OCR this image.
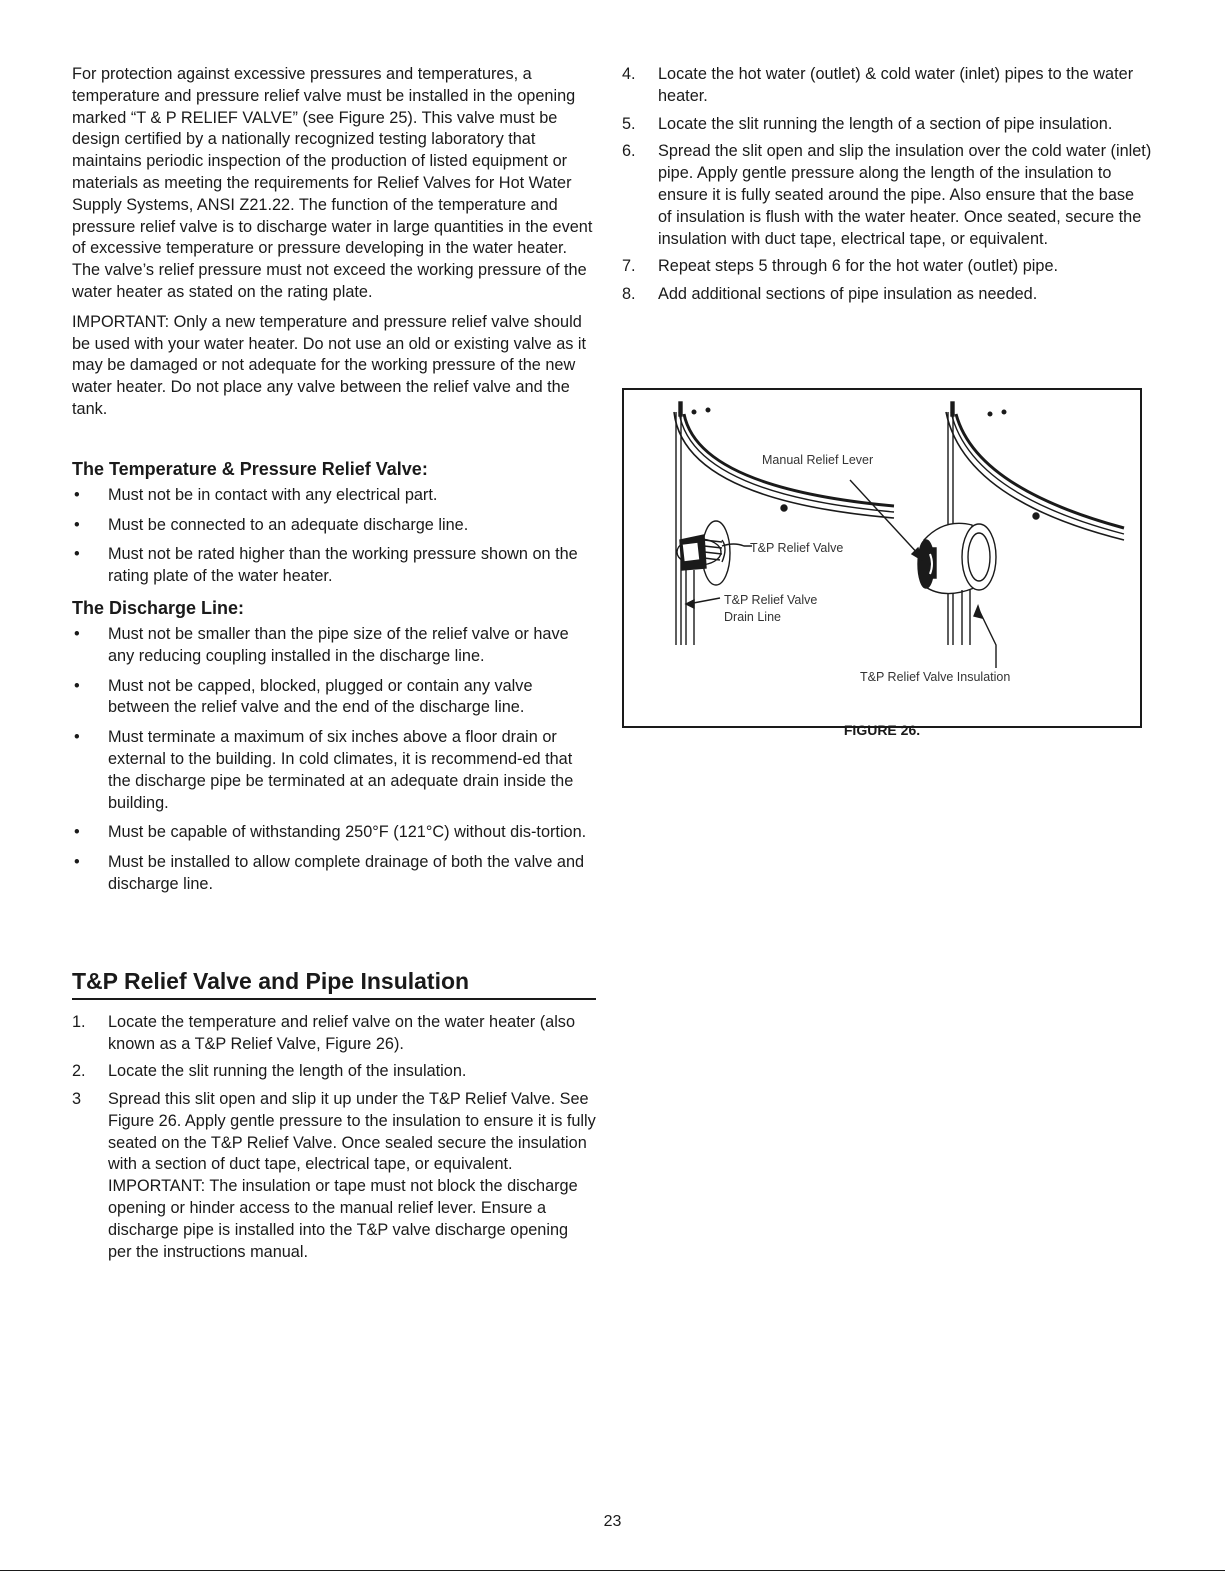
For protection against excessive pressures and temperatures, a temperature and pressure relief valve must be installed in the opening marked “T & P RELIEF VALVE” (see Figure 25). This valve must be design certified by a nationally recognized testing laboratory that maintains periodic inspection of the production of listed equipment or materials as meeting the requirements for Relief Valves for Hot Water Supply Systems, ANSI Z21.22. The function of the temperature and pressure relief valve is to discharge water in large quantities in the event of excessive temperature or pressure developing in the water heater. The valve’s relief pressure must not exceed the working pressure of the water heater as stated on the rating plate.

IMPORTANT: Only a new temperature and pressure relief valve should be used with your water heater. Do not use an old or existing valve as it may be damaged or not adequate for the working pressure of the new water heater. Do not place any valve between the relief valve and the tank.

The Temperature & Pressure Relief Valve:
• Must not be in contact with any electrical part.
• Must be connected to an adequate discharge line.
• Must not be rated higher than the working pressure shown on the rating plate of the water heater.
The Discharge Line:
• Must not be smaller than the pipe size of the relief valve or have any reducing coupling installed in the discharge line.
• Must not be capped, blocked, plugged or contain any valve between the relief valve and the end of the discharge line.
• Must terminate a maximum of six inches above a floor drain or external to the building. In cold climates, it is recommend-ed that the discharge pipe be terminated at an adequate drain inside the building.
• Must be capable of withstanding 250°F (121°C) without dis-tortion.
• Must be installed to allow complete drainage of both the valve and discharge line.
T&P Relief Valve and Pipe Insulation
1. Locate the temperature and relief valve on the water heater (also known as a T&P Relief Valve, Figure 26).
2. Locate the slit running the length of the insulation.
3 Spread this slit open and slip it up under the T&P Relief Valve. See Figure 26. Apply gentle pressure to the insulation to ensure it is fully seated on the T&P Relief Valve. Once sealed secure the insulation with a section of duct tape, electrical tape, or equivalent.
IMPORTANT: The insulation or tape must not block the discharge opening or hinder access to the manual relief lever. Ensure a discharge pipe is installed into the T&P valve discharge opening per the instructions manual.
4. Locate the hot water (outlet) & cold water (inlet) pipes to the water heater.
5. Locate the slit running the length of a section of pipe insulation.
6. Spread the slit open and slip the insulation over the cold water (inlet) pipe. Apply gentle pressure along the length of the insulation to ensure it is fully seated around the pipe. Also ensure that the base of insulation is flush with the water heater. Once seated, secure the insulation with duct tape, electrical tape, or equivalent.
7. Repeat steps 5 through 6 for the hot water (outlet) pipe.
8. Add additional sections of pipe insulation as needed.
Manual Relief Lever
T&P Relief Valve
T&P Relief Valve
Drain Line
T&P Relief Valve Insulation
FIGURE 26.
23
